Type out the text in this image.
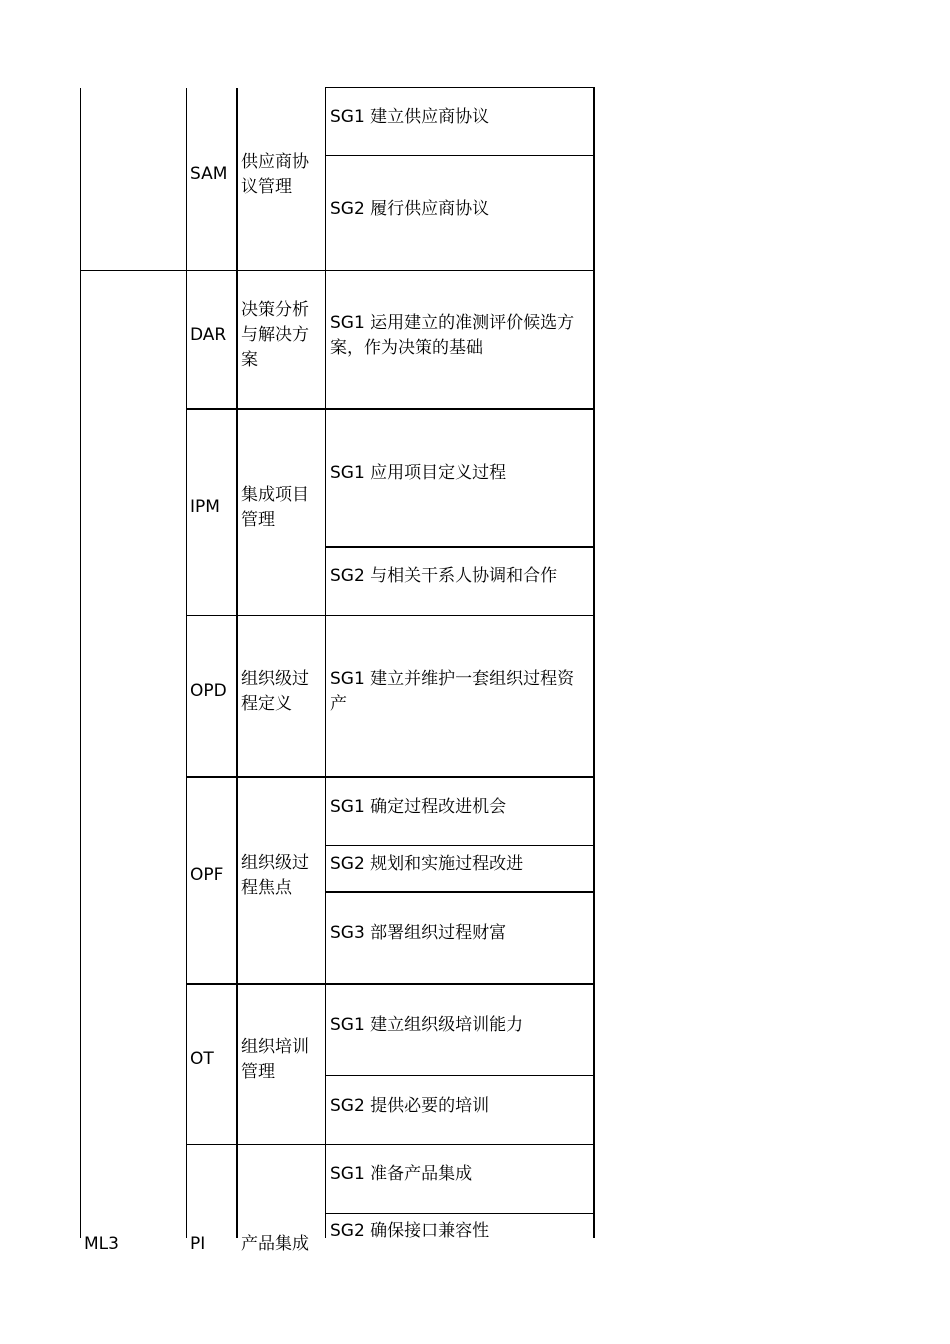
ML3
SAM
供应商协
议管理
SG1 建立供应商协议
SG2 履行供应商协议
DAR
决策分析
与解决方
案
SG1 运用建立的准测评价候选方
案，作为决策的基础
IPM
集成项目
管理
SG1 应用项目定义过程
SG2 与相关干系人协调和合作
OPD
组织级过
程定义
SG1 建立并维护一套组织过程资
产
OPF
组织级过
程焦点
SG1 确定过程改进机会
SG2 规划和实施过程改进
SG3 部署组织过程财富
OT
组织培训
管理
SG1 建立组织级培训能力
SG2 提供必要的培训
PI 产品集成
SG1 准备产品集成
SG2 确保接口兼容性
